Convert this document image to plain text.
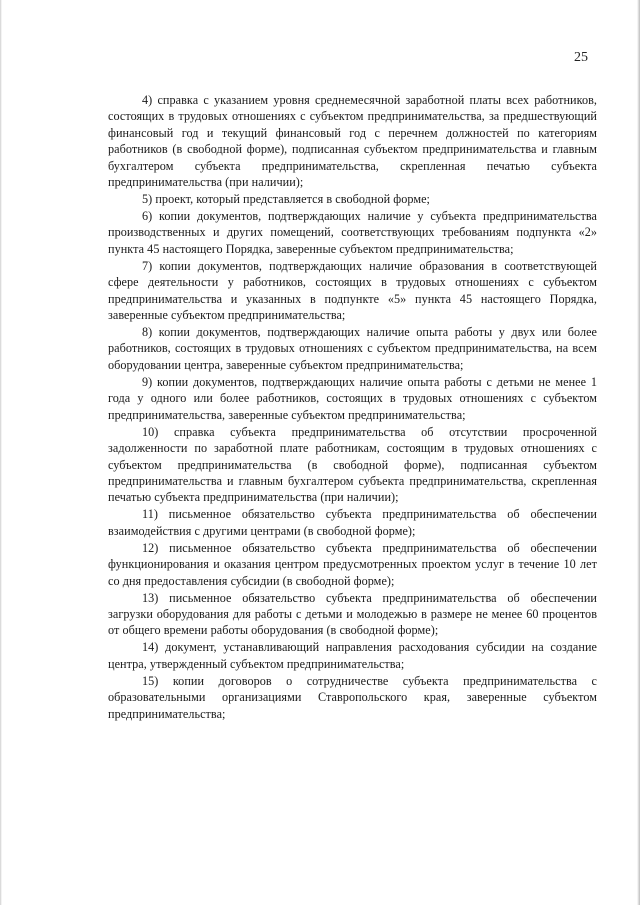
25

4) справка с указанием уровня среднемесячной заработной платы всех работников, состоящих в трудовых отношениях с субъектом предпринимательства, за предшествующий финансовый год и текущий финансовый год с перечнем должностей по категориям работников (в свободной форме), подписанная субъектом предпринимательства и главным бухгалтером субъекта предпринимательства, скрепленная печатью субъекта предпринимательства (при наличии);

5) проект, который представляется в свободной форме;

6) копии документов, подтверждающих наличие у субъекта предпринимательства производственных и других помещений, соответствующих требованиям подпункта «2» пункта 45 настоящего Порядка, заверенные субъектом предпринимательства;

7) копии документов, подтверждающих наличие образования в соответствующей сфере деятельности у работников, состоящих в трудовых отношениях с субъектом предпринимательства и указанных в подпункте «5» пункта 45 настоящего Порядка, заверенные субъектом предпринимательства;

8) копии документов, подтверждающих наличие опыта работы у двух или более работников, состоящих в трудовых отношениях с субъектом предпринимательства, на всем оборудовании центра, заверенные субъектом предпринимательства;

9) копии документов, подтверждающих наличие опыта работы с детьми не менее 1 года у одного или более работников, состоящих в трудовых отношениях с субъектом предпринимательства, заверенные субъектом предпринимательства;

10) справка субъекта предпринимательства об отсутствии просроченной задолженности по заработной плате работникам, состоящим в трудовых отношениях с субъектом предпринимательства (в свободной форме), подписанная субъектом предпринимательства и главным бухгалтером субъекта предпринимательства, скрепленная печатью субъекта предпринимательства (при наличии);

11) письменное обязательство субъекта предпринимательства об обеспечении взаимодействия с другими центрами (в свободной форме);

12) письменное обязательство субъекта предпринимательства об обеспечении функционирования и оказания центром предусмотренных проектом услуг в течение 10 лет со дня предоставления субсидии (в свободной форме);

13) письменное обязательство субъекта предпринимательства об обеспечении загрузки оборудования для работы с детьми и молодежью в размере не менее 60 процентов от общего времени работы оборудования (в свободной форме);

14) документ, устанавливающий направления расходования субсидии на создание центра, утвержденный субъектом предпринимательства;

15) копии договоров о сотрудничестве субъекта предпринимательства с образовательными организациями Ставропольского края, заверенные субъектом предпринимательства;
